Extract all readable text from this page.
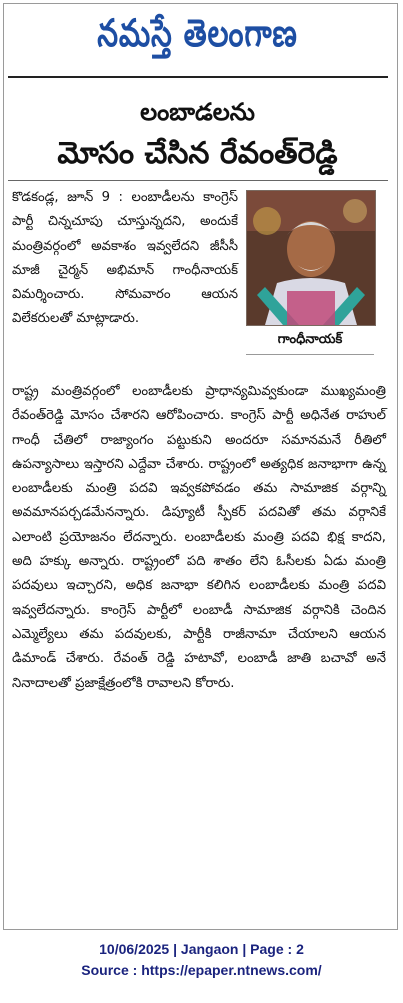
నమస్తే తెలంగాణ
లంబాడలను
మోసం చేసిన రేవంత్‌రెడ్డి
కొడకండ్ల, జూన్ 9 : లంబాడీలను కాంగ్రెస్ పార్టీ చిన్నచూపు చూస్తున్నదని, అందుకే మంత్రివర్గంలో అవకాశం ఇవ్వలేదని జీసీసీ మాజీ చైర్మన్ అభిమాన్ గాంధీనాయక్ విమర్శించారు. సోమవారం ఆయన విలేకరులతో మాట్లాడారు.
గాంధీనాయక్
రాష్ట్ర మంత్రివర్గంలో లంబాడీలకు ప్రాధాన్యమివ్వకుండా ముఖ్యమంత్రి రేవంత్‌రెడ్డి మోసం చేశారని ఆరోపించారు. కాంగ్రెస్ పార్టీ అధినేత రాహుల్ గాంధీ చేతిలో రాజ్యాంగం పట్టుకుని అందరూ సమానమనే రీతిలో ఉపన్యాసాలు ఇస్తారని ఎద్దేవా చేశారు. రాష్ట్రంలో అత్యధిక జనాభాగా ఉన్న లంబాడీలకు మంత్రి పదవి ఇవ్వకపోవడం తమ సామాజిక వర్గాన్ని అవమానపర్చడమేనన్నారు. డిప్యూటీ స్పీకర్ పదవితో తమ వర్గానికే ఎలాంటి ప్రయోజనం లేదన్నారు. లంబాడీలకు మంత్రి పదవి భిక్ష కాదని, అది హక్కు అన్నారు. రాష్ట్రంలో పది శాతం లేని ఓసీలకు ఏడు మంత్రి పదవులు ఇచ్చారని, అధిక జనాభా కలిగిన లంబాడీలకు మంత్రి పదవి ఇవ్వలేదన్నారు. కాంగ్రెస్ పార్టీలో లంబాడీ సామాజిక వర్గానికి చెందిన ఎమ్మెల్యేలు తమ పదవులకు, పార్టీకి రాజీనామా చేయాలని ఆయన డిమాండ్ చేశారు. రేవంత్ రెడ్డి హటావో, లంబాడీ జాతి బచావో అనే నినాదాలతో ప్రజాక్షేత్రంలోకి రావాలని కోరారు.
10/06/2025 | Jangaon | Page : 2
Source : https://epaper.ntnews.com/
